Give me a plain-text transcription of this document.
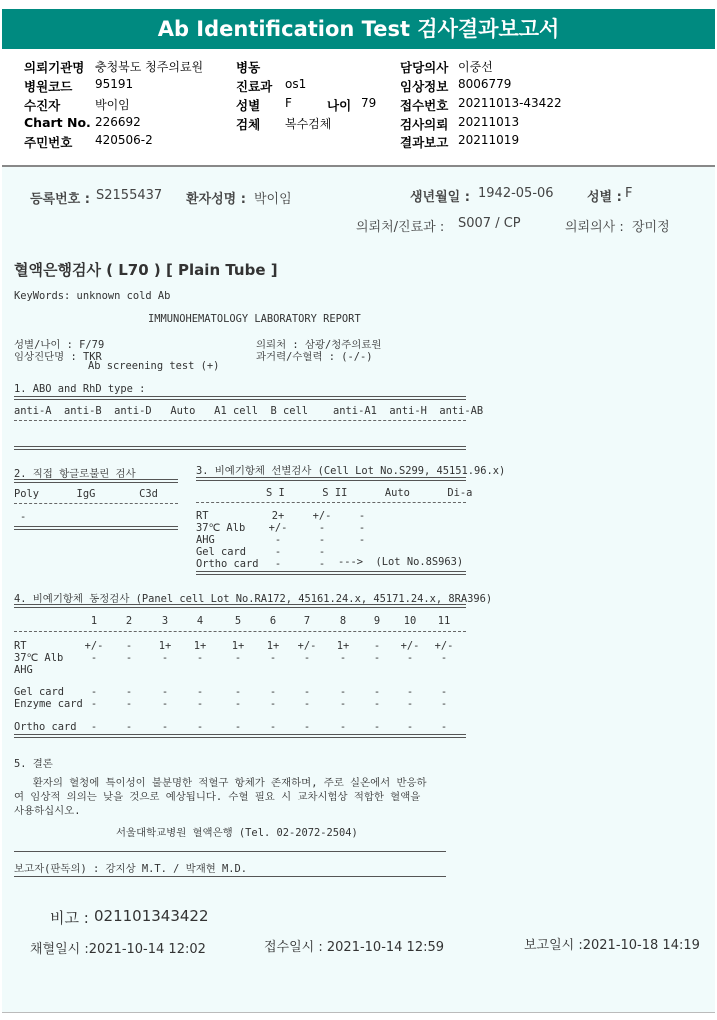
Ab Identification Test 검사결과보고서
의뢰기관명 충청북도 청주의료원
병원코드 95191
수진자	박이임
Chart No. 226692
주민번호 420506-2
병동
진료과 os1
성별 F	나이 79
검체 복수검체
담당의사 이중선
임상정보 8006779
접수번호 20211013-43422
검사의뢰 20211013
결과보고 20211019
등록번호 : S2155437 환자성명 : 박이임	생년월일 : 1942-05-06	성별 : F
의뢰처/진료과 : S007 / CP	의뢰의사 : 장미정
혈액은행검사 ( L70 ) [ Plain Tube ]
KeyWords: unknown cold Ab
IMMUNOHEMATOLOGY LABORATORY REPORT
성별/나이 : F/79
임상진단명 : TKR
Ab screening test (+)
의뢰처 : 삼광/청주의료원
과거력/수혈력 : (-/-)
1. ABO and RhD type :
anti-A  anti-B  anti-D   Auto   A1 cell  B cell    anti-A1  anti-H  anti-AB
2. 직접 항글로불린 검사
Poly      IgG       C3d
-
3. 비예기항체 선별검사 (Cell Lot No.S299, 45151.96.x)
S I      S II      Auto      Di-a
RT	2+	+/-	-
37℃ Alb	+/-	-	-
AHG	-	-	-
Gel card	-	-
Ortho card	-	-	--->  (Lot No.8S963)
4. 비예기항체 동정검사 (Panel cell Lot No.RA172, 45161.24.x, 45171.24.x, 8RA396)
1	2	3	4	5	6	7	8	9	10	11
RT	+/-	-	1+	1+	1+	1+	+/-	1+	-	+/-	+/-
37℃ Alb	-	-	-	-	-	-	-	-	-	-	-
AHG
Gel card	-	-	-	-	-	-	-	-	-	-	-
Enzyme card -	-	-	-	-	-	-	-	-	-	-
Ortho card	-	-	-	-	-	-	-	-	-	-	-
5. 결론
환자의 혈청에 특이성이 불분명한 적혈구 항체가 존재하며, 주로 실온에서 반응하
여 임상적 의의는 낮을 것으로 예상됩니다. 수혈 필요 시 교차시험상 적합한 혈액을
사용하십시오.
서울대학교병원 혈액은행 (Tel. 02-2072-2504)
보고자(판독의) : 강지상 M.T. / 박재현 M.D.
비고 : 021101343422
채혈일시 :2021-10-14 12:02	접수일시 : 2021-10-14 12:59	보고일시 :2021-10-18 14:19
